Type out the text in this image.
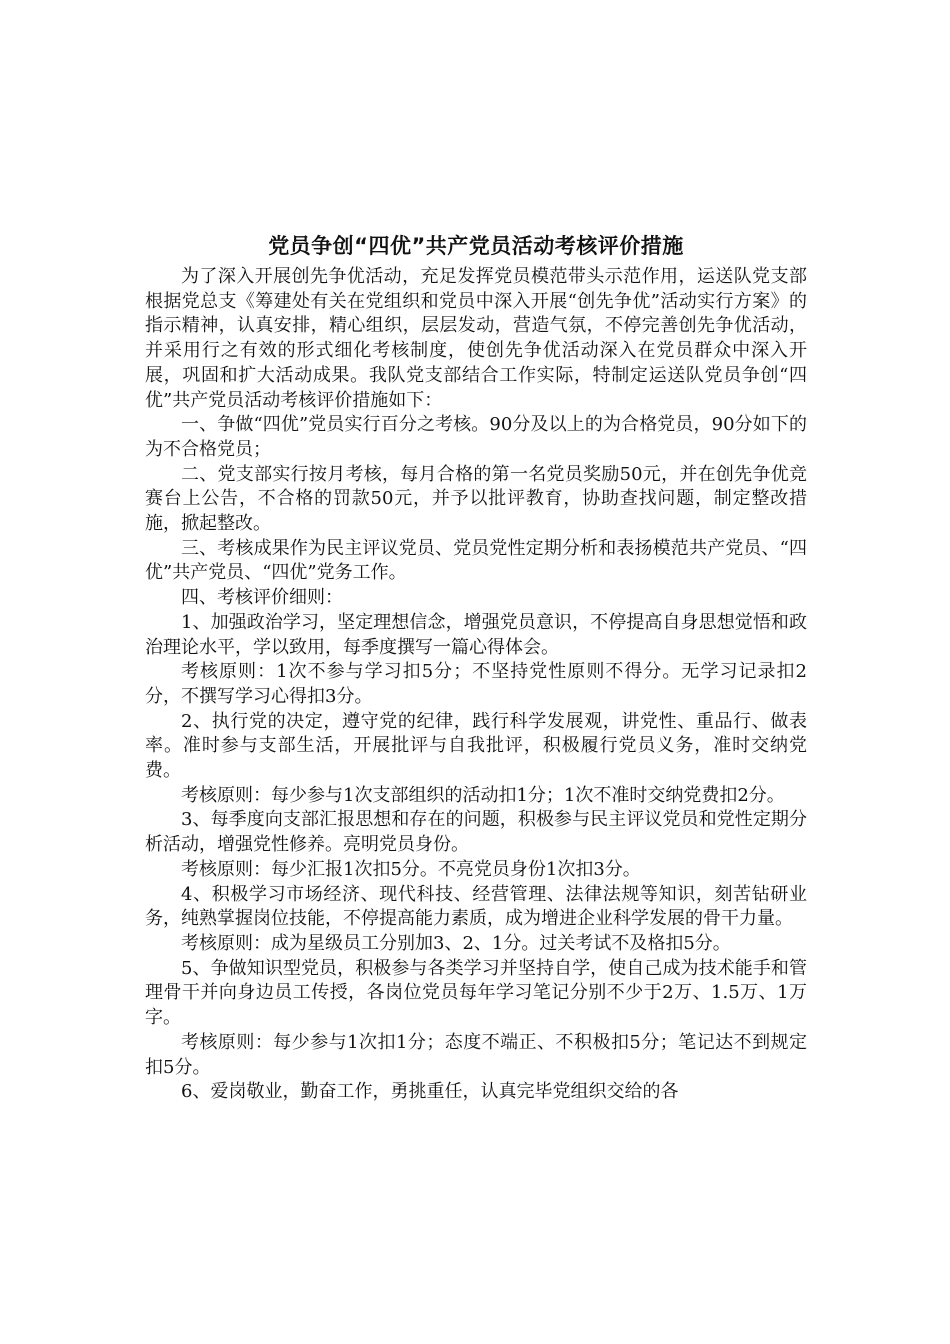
党员争创“四优”共产党员活动考核评价措施

为了深入开展创先争优活动，充足发挥党员模范带头示范作用，运送队党支部根据党总支《筹建处有关在党组织和党员中深入开展“创先争优”活动实行方案》的指示精神，认真安排，精心组织，层层发动，营造气氛，不停完善创先争优活动，并采用行之有效的形式细化考核制度，使创先争优活动深入在党员群众中深入开展，巩固和扩大活动成果。我队党支部结合工作实际，特制定运送队党员争创“四优”共产党员活动考核评价措施如下：

一、争做“四优”党员实行百分之考核。90分及以上的为合格党员，90分如下的为不合格党员；

二、党支部实行按月考核，每月合格的第一名党员奖励50元，并在创先争优竞赛台上公告，不合格的罚款50元，并予以批评教育，协助查找问题，制定整改措施，掀起整改。

三、考核成果作为民主评议党员、党员党性定期分析和表扬模范共产党员、“四优”共产党员、“四优”党务工作。

四、考核评价细则：

1、加强政治学习，坚定理想信念，增强党员意识，不停提高自身思想觉悟和政治理论水平，学以致用，每季度撰写一篇心得体会。

考核原则：1次不参与学习扣5分；不坚持党性原则不得分。无学习记录扣2分，不撰写学习心得扣3分。

2、执行党的决定，遵守党的纪律，践行科学发展观，讲党性、重品行、做表率。准时参与支部生活，开展批评与自我批评，积极履行党员义务，准时交纳党费。

考核原则：每少参与1次支部组织的活动扣1分；1次不准时交纳党费扣2分。

3、每季度向支部汇报思想和存在的问题，积极参与民主评议党员和党性定期分析活动，增强党性修养。亮明党员身份。

考核原则：每少汇报1次扣5分。不亮党员身份1次扣3分。

4、积极学习市场经济、现代科技、经营管理、法律法规等知识，刻苦钻研业务，纯熟掌握岗位技能，不停提高能力素质，成为增进企业科学发展的骨干力量。

考核原则：成为星级员工分别加3、2、1分。过关考试不及格扣5分。

5、争做知识型党员，积极参与各类学习并坚持自学，使自己成为技术能手和管理骨干并向身边员工传授，各岗位党员每年学习笔记分别不少于2万、1.5万、1万字。

考核原则：每少参与1次扣1分；态度不端正、不积极扣5分；笔记达不到规定扣5分。

6、爱岗敬业，勤奋工作，勇挑重任，认真完毕党组织交给的各
